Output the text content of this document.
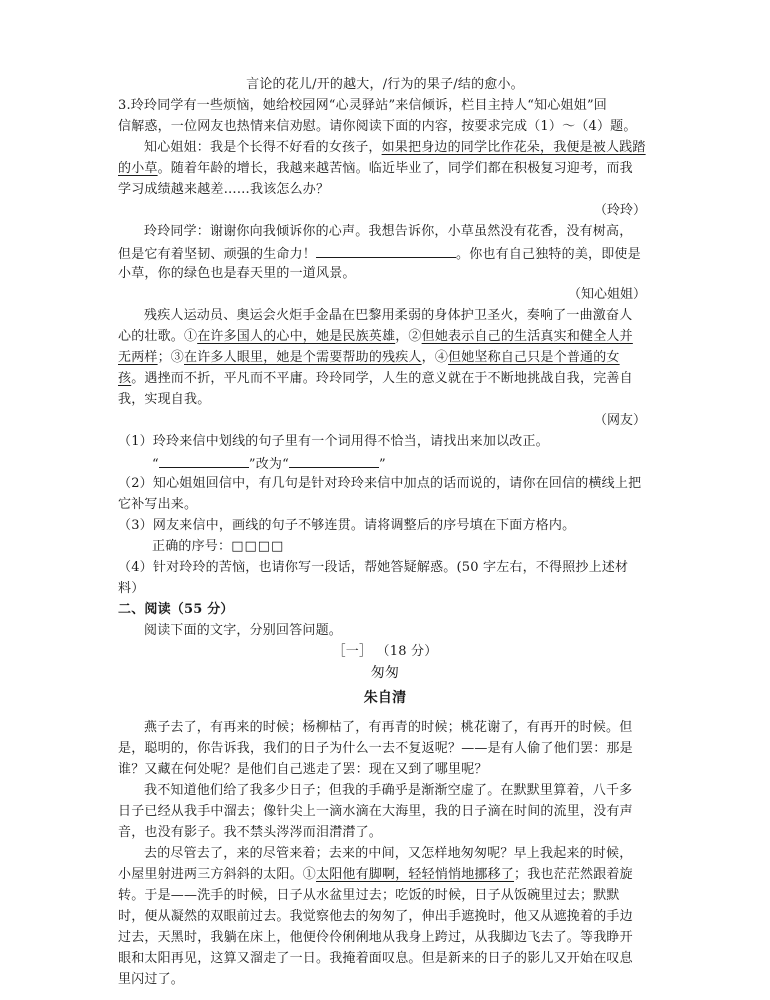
言论的花儿/开的越大，/行为的果子/结的愈小。
3.玲玲同学有一些烦恼，她给校园网“心灵驿站”来信倾诉，栏目主持人“知心姐姐”回
信解惑，一位网友也热情来信劝慰。请你阅读下面的内容，按要求完成（1）～（4）题。
知心姐姐：我是个长得不好看的女孩子，如果把身边的同学比作花朵，我便是被人践踏
的小草。随着年龄的增长，我越来越苦恼。临近毕业了，同学们都在积极复习迎考，而我
学习成绩越来越差……我该怎么办？
（玲玲）
玲玲同学：谢谢你向我倾诉你的心声。我想告诉你，小草虽然没有花香，没有树高，
但是它有着坚韧、顽强的生命力！	。你也有自己独特的美，即使是
小草，你的绿色也是春天里的一道风景。
（知心姐姐）
残疾人运动员、奥运会火炬手金晶在巴黎用柔弱的身体护卫圣火，奏响了一曲激奋人
心的壮歌。①在许多国人的心中，她是民族英雄，②但她表示自己的生活真实和健全人并
无两样；③在许多人眼里，她是个需要帮助的残疾人，④但她坚称自己只是个普通的女
孩。遇挫而不折，平凡而不平庸。玲玲同学，人生的意义就在于不断地挑战自我，完善自
我，实现自我。
（网友）
（1）玲玲来信中划线的句子里有一个词用得不恰当，请找出来加以改正。
“	”改为“	”
（2）知心姐姐回信中，有几句是针对玲玲来信中加点的话而说的，请你在回信的横线上把
它补写出来。
（3）网友来信中，画线的句子不够连贯。请将调整后的序号填在下面方格内。
正确的序号：□□□□
（4）针对玲玲的苦恼，也请你写一段话，帮她答疑解惑。(50 字左右，不得照抄上述材
料）
二、阅读（55 分）
阅读下面的文字，分别回答问题。
［一］ （18 分）
匆匆
朱自清
燕子去了，有再来的时候；杨柳枯了，有再青的时候；桃花谢了，有再开的时候。但
是，聪明的，你告诉我，我们的日子为什么一去不复返呢？——是有人偷了他们罢：那是
谁？又藏在何处呢？是他们自己逃走了罢：现在又到了哪里呢？
我不知道他们给了我多少日子；但我的手确乎是渐渐空虚了。在默默里算着，八千多
日子已经从我手中溜去；像针尖上一滴水滴在大海里，我的日子滴在时间的流里，没有声
音，也没有影子。我不禁头涔涔而泪潸潸了。
去的尽管去了，来的尽管来着；去来的中间，又怎样地匆匆呢？早上我起来的时候，
小屋里射进两三方斜斜的太阳。①太阳他有脚啊，轻轻悄悄地挪移了；我也茫茫然跟着旋
转。于是——洗手的时候，日子从水盆里过去；吃饭的时候，日子从饭碗里过去；默默
时，便从凝然的双眼前过去。我觉察他去的匆匆了，伸出手遮挽时，他又从遮挽着的手边
过去，天黑时，我躺在床上，他便伶伶俐俐地从我身上跨过，从我脚边飞去了。等我睁开
眼和太阳再见，这算又溜走了一日。我掩着面叹息。但是新来的日子的影儿又开始在叹息
里闪过了。
